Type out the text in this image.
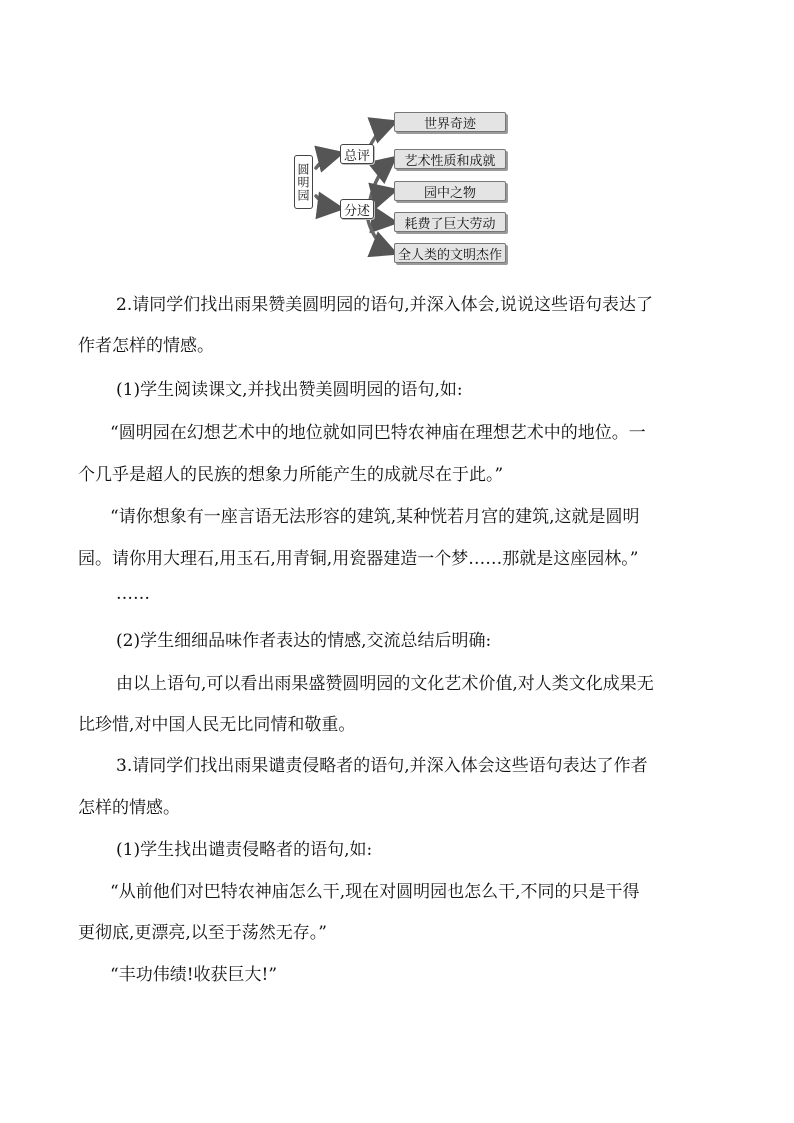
圆明园
总评
分述
世界奇迹
艺术性质和成就
园中之物
耗费了巨大劳动
全人类的文明杰作
2.请同学们找出雨果赞美圆明园的语句,并深入体会,说说这些语句表达了
作者怎样的情感。
(1)学生阅读课文,并找出赞美圆明园的语句,如:
“圆明园在幻想艺术中的地位就如同巴特农神庙在理想艺术中的地位。一
个几乎是超人的民族的想象力所能产生的成就尽在于此。”
“请你想象有一座言语无法形容的建筑,某种恍若月宫的建筑,这就是圆明
园。请你用大理石,用玉石,用青铜,用瓷器建造一个梦……那就是这座园林。”
……
(2)学生细细品味作者表达的情感,交流总结后明确:
由以上语句,可以看出雨果盛赞圆明园的文化艺术价值,对人类文化成果无
比珍惜,对中国人民无比同情和敬重。
3.请同学们找出雨果谴责侵略者的语句,并深入体会这些语句表达了作者
怎样的情感。
(1)学生找出谴责侵略者的语句,如:
“从前他们对巴特农神庙怎么干,现在对圆明园也怎么干,不同的只是干得
更彻底,更漂亮,以至于荡然无存。”
“丰功伟绩!收获巨大!”
